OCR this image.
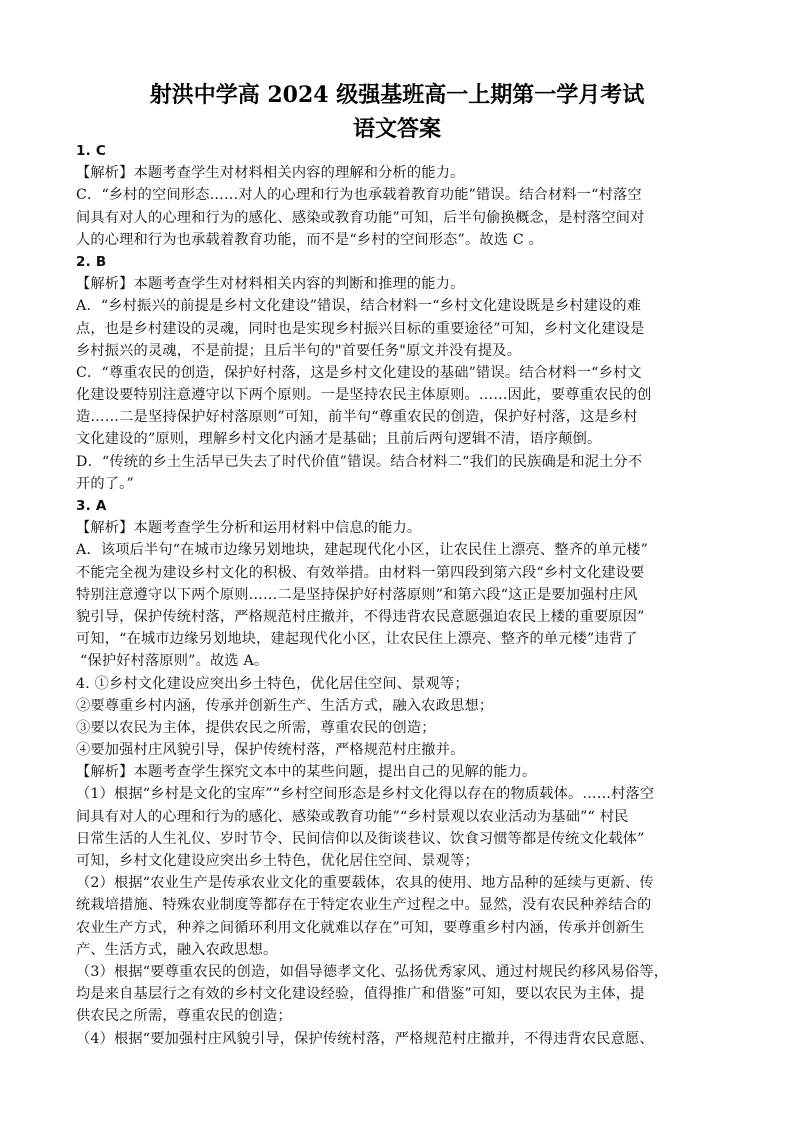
射洪中学高 2024 级强基班高一上期第一学月考试
语文答案
1. C
【解析】本题考查学生对材料相关内容的理解和分析的能力。
C．“乡村的空间形态……对人的心理和行为也承载着教育功能”错误。结合材料一“村落空
间具有对人的心理和行为的感化、感染或教育功能”可知，后半句偷换概念，是村落空间对
人的心理和行为也承载着教育功能，而不是“乡村的空间形态”。故选 C 。
2. B
【解析】本题考查学生对材料相关内容的判断和推理的能力。
A．“乡村振兴的前提是乡村文化建设”错误，结合材料一“乡村文化建设既是乡村建设的难
点，也是乡村建设的灵魂，同时也是实现乡村振兴目标的重要途径”可知，乡村文化建设是
乡村振兴的灵魂，不是前提；且后半句的"首要任务"原文并没有提及。
C．“尊重农民的创造，保护好村落，这是乡村文化建设的基础”错误。结合材料一“乡村文
化建设要特别注意遵守以下两个原则。一是坚持农民主体原则。……因此，要尊重农民的创
造……二是坚持保护好村落原则”可知，前半句“尊重农民的创造，保护好村落，这是乡村
文化建设的”原则，理解乡村文化内涵才是基础；且前后两句逻辑不清，语序颠倒。
D．“传统的乡土生活早已失去了时代价值”错误。结合材料二“我们的民族确是和泥土分不
开的了。”
3. A
【解析】本题考查学生分析和运用材料中信息的能力。
A．该项后半句“在城市边缘另划地块，建起现代化小区，让农民住上漂亮、整齐的单元楼”
不能完全视为建设乡村文化的积极、有效举措。由材料一第四段到第六段“乡村文化建设要
特别注意遵守以下两个原则……二是坚持保护好村落原则”和第六段“这正是要加强村庄风
貌引导，保护传统村落，严格规范村庄撤并，不得违背农民意愿强迫农民上楼的重要原因”
可知，“在城市边缘另划地块，建起现代化小区，让农民住上漂亮、整齐的单元楼”违背了
“保护好村落原则”。故选 A。
4. ①乡村文化建设应突出乡土特色，优化居住空间、景观等；
②要尊重乡村内涵，传承并创新生产、生活方式，融入农政思想；
③要以农民为主体，提供农民之所需，尊重农民的创造；
④要加强村庄风貌引导，保护传统村落，严格规范村庄撤并。
【解析】本题考查学生探究文本中的某些问题，提出自己的见解的能力。
（1）根据“乡村是文化的宝库”“乡村空间形态是乡村文化得以存在的物质载体。……村落空
间具有对人的心理和行为的感化、感染或教育功能”“乡村景观以农业活动为基础”“ 村民
日常生活的人生礼仪、岁时节令、民间信仰以及街谈巷议、饮食习惯等都是传统文化载体”
可知，乡村文化建设应突出乡土特色，优化居住空间、景观等；
（2）根据“农业生产是传承农业文化的重要载体，农具的使用、地方品种的延续与更新、传
统栽培措施、特殊农业制度等都存在于特定农业生产过程之中。显然，没有农民种养结合的
农业生产方式，种养之间循环利用文化就难以存在”可知，要尊重乡村内涵，传承并创新生
产、生活方式，融入农政思想。
（3）根据“要尊重农民的创造，如倡导德孝文化、弘扬优秀家风、通过村规民约移风易俗等，
均是来自基层行之有效的乡村文化建设经验，值得推广和借鉴”可知，要以农民为主体，提
供农民之所需，尊重农民的创造；
（4）根据“要加强村庄风貌引导，保护传统村落，严格规范村庄撤并，不得违背农民意愿、
